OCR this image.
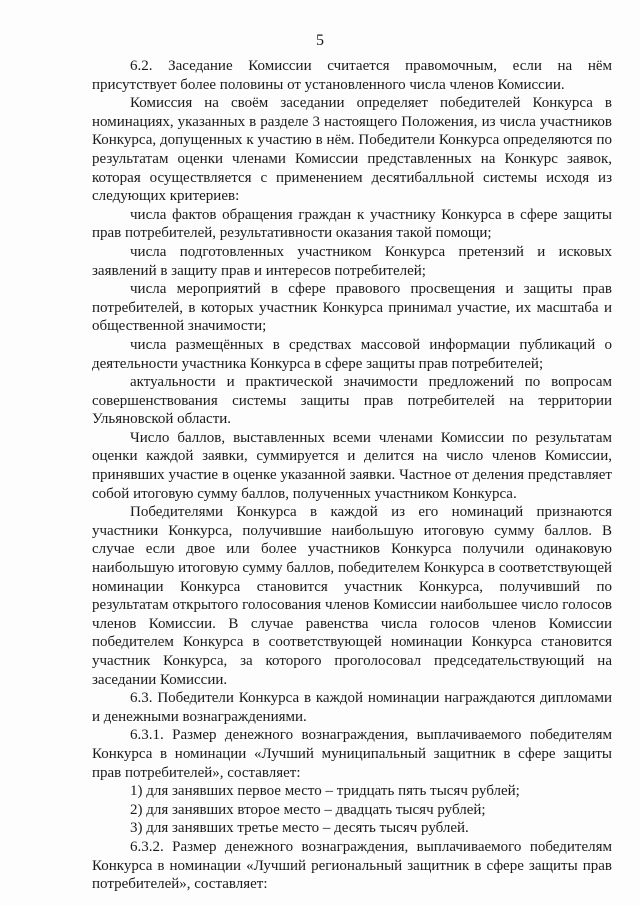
5

6.2. Заседание Комиссии считается правомочным, если на нём присутствует более половины от установленного числа членов Комиссии.

Комиссия на своём заседании определяет победителей Конкурса в номинациях, указанных в разделе 3 настоящего Положения, из числа участников Конкурса, допущенных к участию в нём. Победители Конкурса определяются по результатам оценки членами Комиссии представленных на Конкурс заявок, которая осуществляется с применением десятибалльной системы исходя из следующих критериев:

числа фактов обращения граждан к участнику Конкурса в сфере защиты прав потребителей, результативности оказания такой помощи;

числа подготовленных участником Конкурса претензий и исковых заявлений в защиту прав и интересов потребителей;

числа мероприятий в сфере правового просвещения и защиты прав потребителей, в которых участник Конкурса принимал участие, их масштаба и общественной значимости;

числа размещённых в средствах массовой информации публикаций о деятельности участника Конкурса в сфере защиты прав потребителей;

актуальности и практической значимости предложений по вопросам совершенствования системы защиты прав потребителей на территории Ульяновской области.

Число баллов, выставленных всеми членами Комиссии по результатам оценки каждой заявки, суммируется и делится на число членов Комиссии, принявших участие в оценке указанной заявки. Частное от деления представляет собой итоговую сумму баллов, полученных участником Конкурса.

Победителями Конкурса в каждой из его номинаций признаются участники Конкурса, получившие наибольшую итоговую сумму баллов. В случае если двое или более участников Конкурса получили одинаковую наибольшую итоговую сумму баллов, победителем Конкурса в соответствующей номинации Конкурса становится участник Конкурса, получивший по результатам открытого голосования членов Комиссии наибольшее число голосов членов Комиссии. В случае равенства числа голосов членов Комиссии победителем Конкурса в соответствующей номинации Конкурса становится участник Конкурса, за которого проголосовал председательствующий на заседании Комиссии.

6.3. Победители Конкурса в каждой номинации награждаются дипломами и денежными вознаграждениями.

6.3.1. Размер денежного вознаграждения, выплачиваемого победителям Конкурса в номинации «Лучший муниципальный защитник в сфере защиты прав потребителей», составляет:

1) для занявших первое место – тридцать пять тысяч рублей;

2) для занявших второе место – двадцать тысяч рублей;

3) для занявших третье место – десять тысяч рублей.

6.3.2. Размер денежного вознаграждения, выплачиваемого победителям Конкурса в номинации «Лучший региональный защитник в сфере защиты прав потребителей», составляет:
